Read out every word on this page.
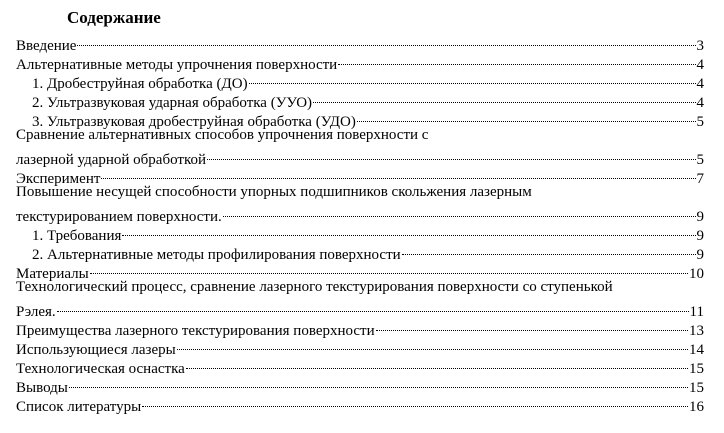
Содержание
Введение	3
Альтернативные методы упрочнения поверхности	4
1. Дробеструйная обработка (ДО)	4
2. Ультразвуковая ударная обработка (УУО)	4
3. Ультразвуковая дробеструйная обработка (УДО)	5
Сравнение альтернативных способов упрочнения поверхности с
лазерной ударной обработкой	5
Эксперимент	7
Повышение несущей способности упорных подшипников скольжения лазерным
текстурированием поверхности.	9
1. Требования	9
2. Альтернативные методы профилирования поверхности	9
Материалы	10
Технологический процесс, сравнение лазерного текстурирования поверхности со ступенькой
Рэлея.	11
Преимущества лазерного текстурирования поверхности	13
Использующиеся лазеры	14
Технологическая оснастка	15
Выводы	15
Список литературы	16
